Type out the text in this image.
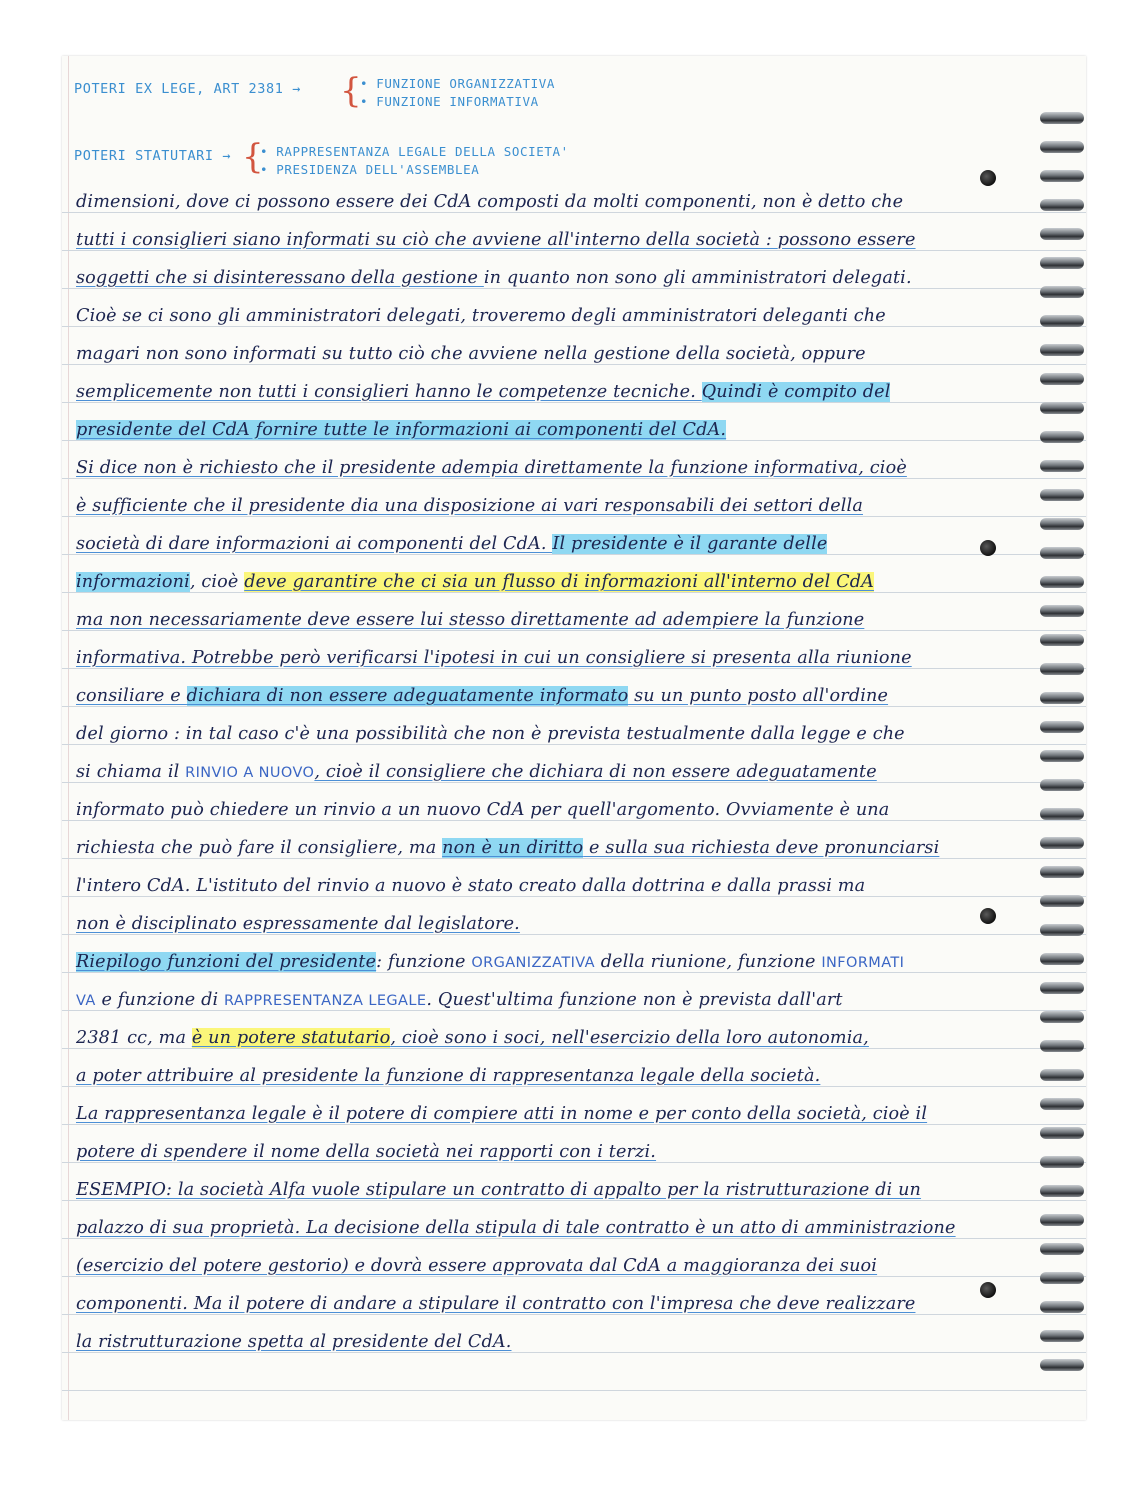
POTERI EX LEGE, ART 2381 → {
• FUNZIONE ORGANIZZATIVA
• FUNZIONE INFORMATIVA
POTERI STATUTARI → {
• RAPPRESENTANZA LEGALE DELLA SOCIETA'
• PRESIDENZA DELL'ASSEMBLEA
dimensioni, dove ci possono essere dei CdA composti da molti componenti, non è detto che
tutti i consiglieri siano informati su ciò che avviene all'interno della società : possono essere
soggetti che si disinteressano della gestione in quanto non sono gli amministratori delegati.
Cioè se ci sono gli amministratori delegati, troveremo degli amministratori deleganti che
magari non sono informati su tutto ciò che avviene nella gestione della società, oppure
semplicemente non tutti i consiglieri hanno le competenze tecniche. Quindi è compito del
presidente del CdA fornire tutte le informazioni ai componenti del CdA.
Si dice non è richiesto che il presidente adempia direttamente la funzione informativa, cioè
è sufficiente che il presidente dia una disposizione ai vari responsabili dei settori della
società di dare informazioni ai componenti del CdA. Il presidente è il garante delle
informazioni, cioè deve garantire che ci sia un flusso di informazioni all'interno del CdA
ma non necessariamente deve essere lui stesso direttamente ad adempiere la funzione
informativa. Potrebbe però verificarsi l'ipotesi in cui un consigliere si presenta alla riunione
consiliare e dichiara di non essere adeguatamente informato su un punto posto all'ordine
del giorno : in tal caso c'è una possibilità che non è prevista testualmente dalla legge e che
si chiama il RINVIO A NUOVO, cioè il consigliere che dichiara di non essere adeguatamente
informato può chiedere un rinvio a un nuovo CdA per quell'argomento. Ovviamente è una
richiesta che può fare il consigliere, ma non è un diritto e sulla sua richiesta deve pronunciarsi
l'intero CdA. L'istituto del rinvio a nuovo è stato creato dalla dottrina e dalla prassi ma
non è disciplinato espressamente dal legislatore.
Riepilogo funzioni del presidente: funzione ORGANIZZATIVA della riunione, funzione INFORMATI
VA e funzione di RAPPRESENTANZA LEGALE. Quest'ultima funzione non è prevista dall'art
2381 cc, ma è un potere statutario, cioè sono i soci, nell'esercizio della loro autonomia,
a poter attribuire al presidente la funzione di rappresentanza legale della società.
La rappresentanza legale è il potere di compiere atti in nome e per conto della società, cioè il
potere di spendere il nome della società nei rapporti con i terzi.
ESEMPIO: la società Alfa vuole stipulare un contratto di appalto per la ristrutturazione di un
palazzo di sua proprietà. La decisione della stipula di tale contratto è un atto di amministrazione
(esercizio del potere gestorio) e dovrà essere approvata dal CdA a maggioranza dei suoi
componenti. Ma il potere di andare a stipulare il contratto con l'impresa che deve realizzare
la ristrutturazione spetta al presidente del CdA.
